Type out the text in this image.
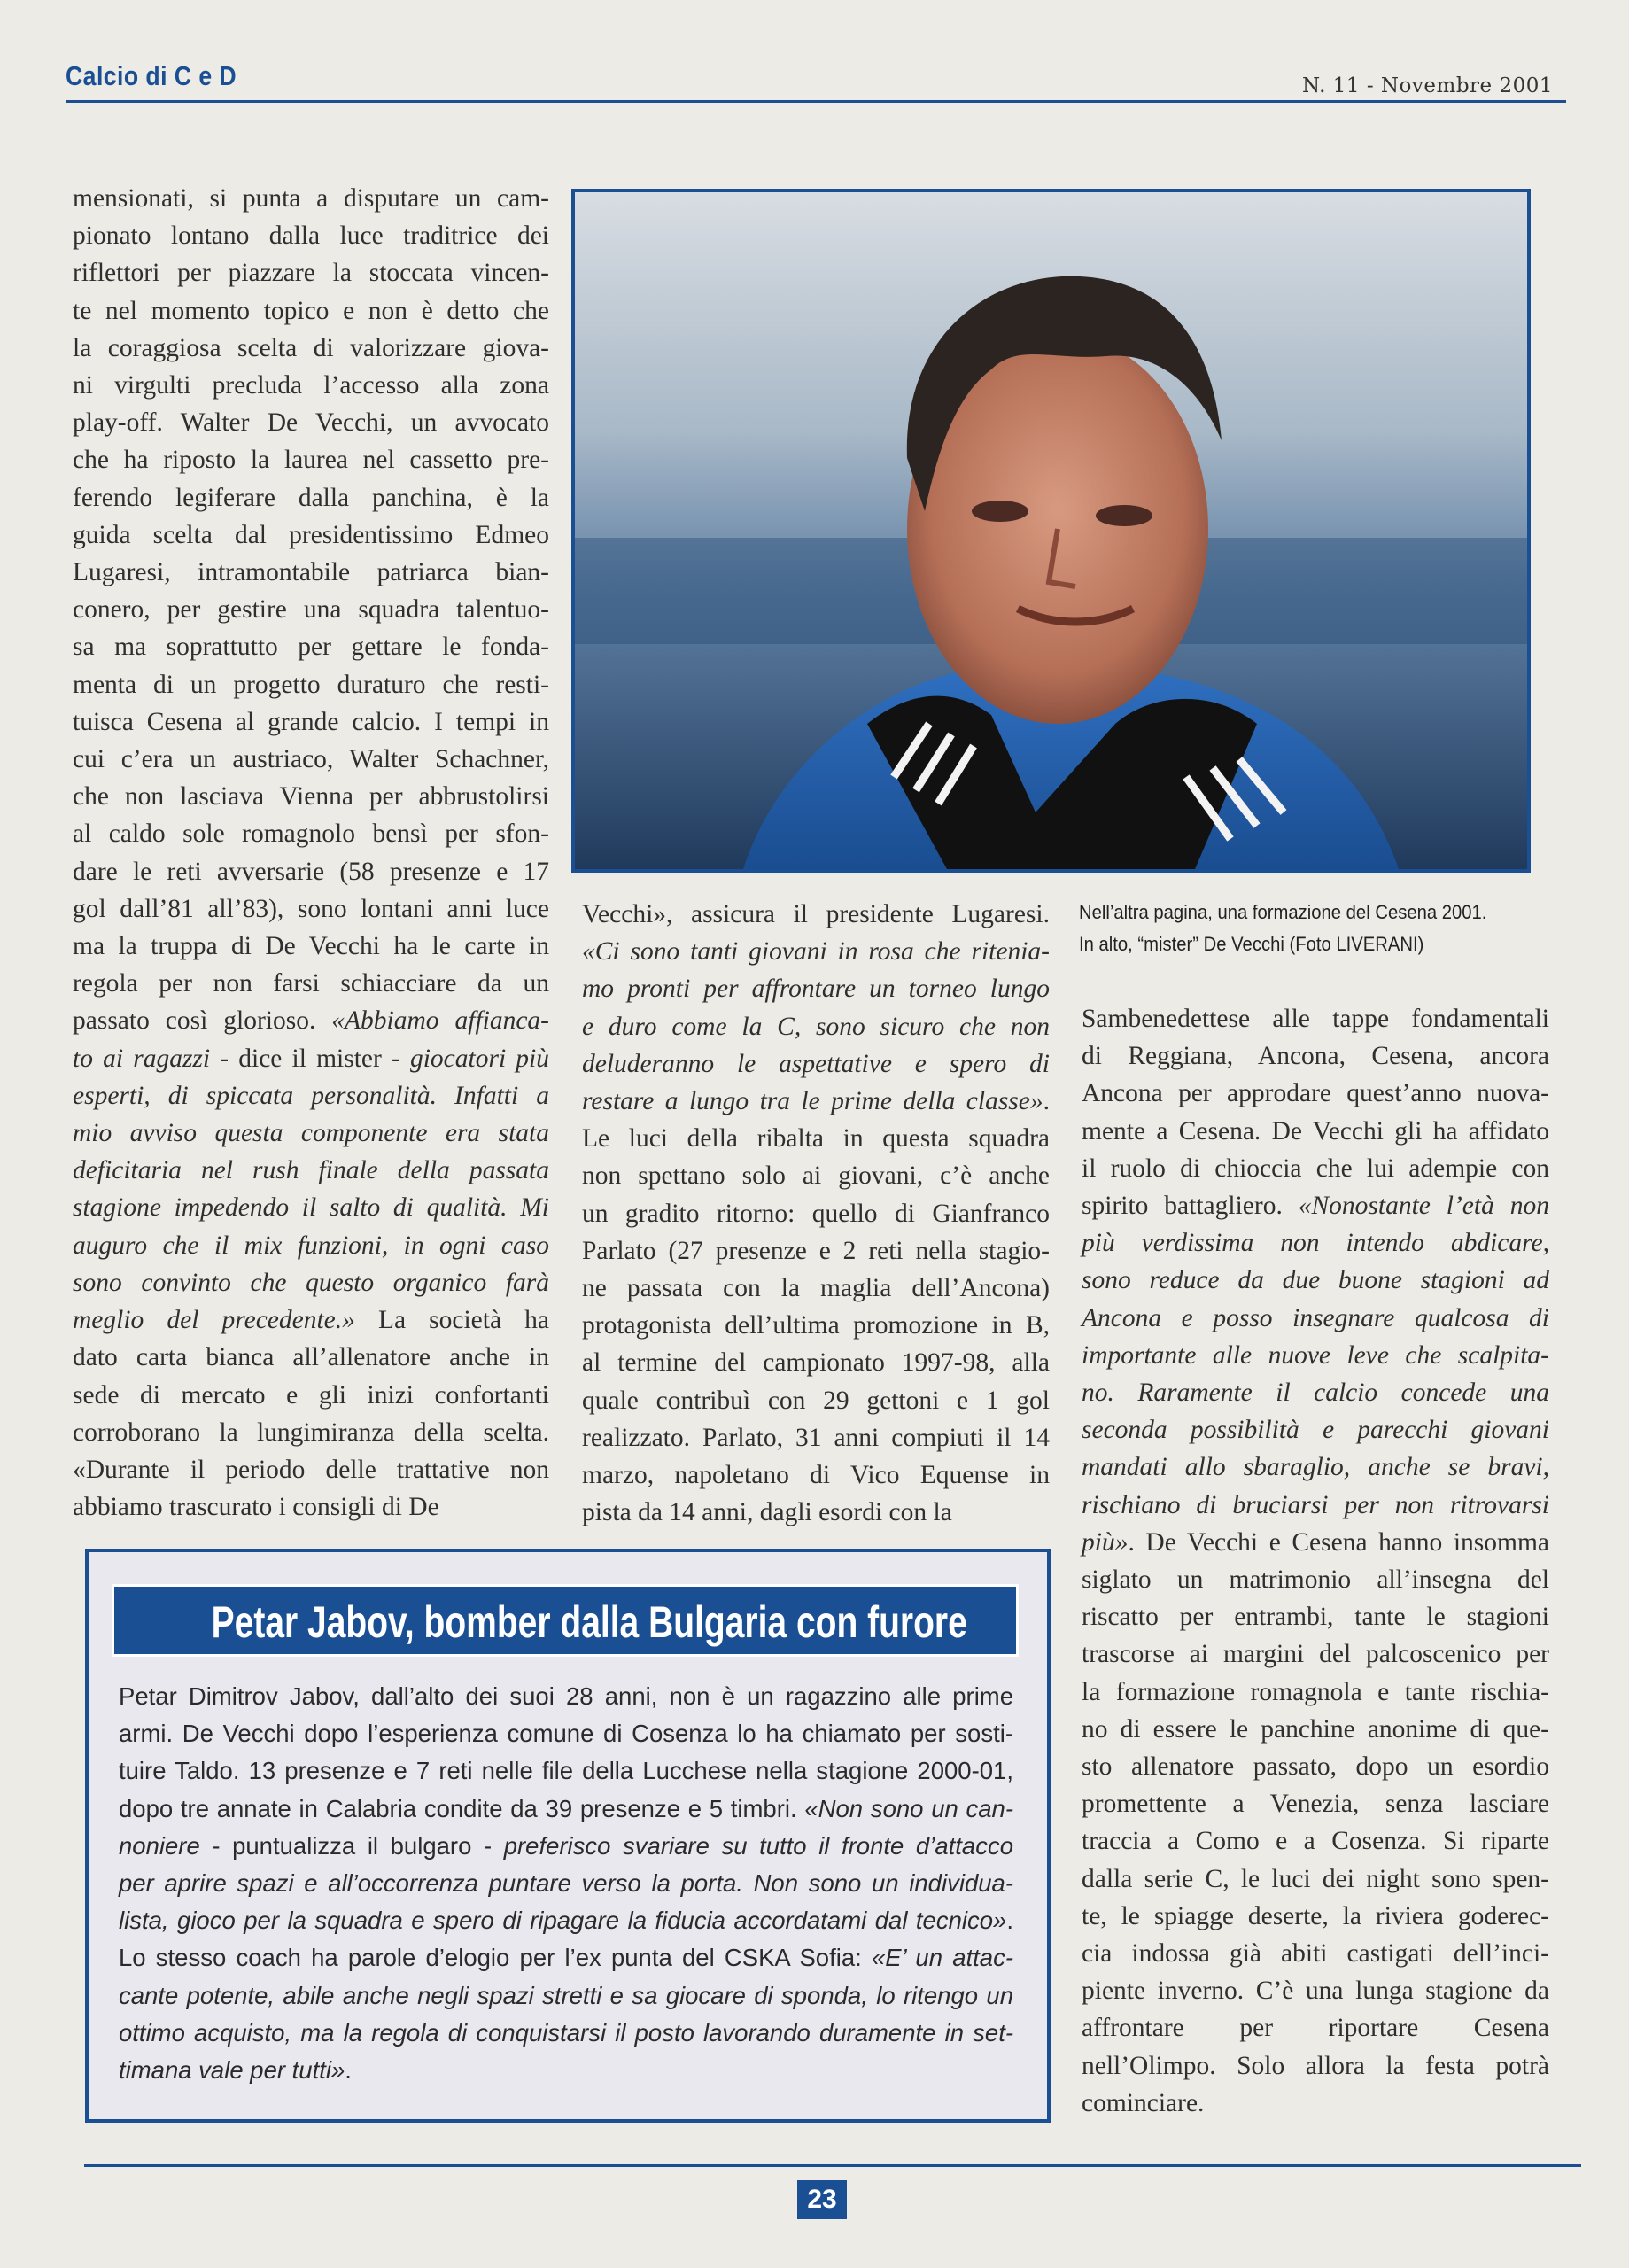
Calcio di C e D	N. 11 - Novembre 2001
mensionati, si punta a disputare un cam-
pionato lontano dalla luce traditrice dei
riflettori per piazzare la stoccata vincen-
te nel momento topico e non è detto che
la coraggiosa scelta di valorizzare giova-
ni virgulti precluda l’accesso alla zona
play-off. Walter De Vecchi, un avvocato
che ha riposto la laurea nel cassetto pre-
ferendo legiferare dalla panchina, è la
guida scelta dal presidentissimo Edmeo
Lugaresi, intramontabile patriarca bian-
conero, per gestire una squadra talentuo-
sa ma soprattutto per gettare le fonda-
menta di un progetto duraturo che resti-
tuisca Cesena al grande calcio. I tempi in
cui c’era un austriaco, Walter Schachner,
che non lasciava Vienna per abbrustolirsi
al caldo sole romagnolo bensì per sfon-
dare le reti avversarie (58 presenze e 17
gol dall’81 all’83), sono lontani anni luce
ma la truppa di De Vecchi ha le carte in
regola per non farsi schiacciare da un
passato così glorioso. «Abbiamo affianca-
to ai ragazzi - dice il mister - giocatori più
esperti, di spiccata personalità. Infatti a
mio avviso questa componente era stata
deficitaria nel rush finale della passata
stagione impedendo il salto di qualità. Mi
auguro che il mix funzioni, in ogni caso
sono convinto che questo organico farà
meglio del precedente.» La società ha
dato carta bianca all’allenatore anche in
sede di mercato e gli inizi confortanti
corroborano la lungimiranza della scelta.
«Durante il periodo delle trattative non
abbiamo trascurato i consigli di De
Nell’altra pagina, una formazione del Cesena 2001.
In alto, “mister” De Vecchi (Foto LIVERANI)
Vecchi», assicura il presidente Lugaresi.
«Ci sono tanti giovani in rosa che ritenia-
mo pronti per affrontare un torneo lungo
e duro come la C, sono sicuro che non
deluderanno le aspettative e spero di
restare a lungo tra le prime della classe».
Le luci della ribalta in questa squadra
non spettano solo ai giovani, c’è anche
un gradito ritorno: quello di Gianfranco
Parlato (27 presenze e 2 reti nella stagio-
ne passata con la maglia dell’Ancona)
protagonista dell’ultima promozione in B,
al termine del campionato 1997-98, alla
quale contribuì con 29 gettoni e 1 gol
realizzato. Parlato, 31 anni compiuti il 14
marzo, napoletano di Vico Equense in
pista da 14 anni, dagli esordi con la
Sambenedettese alle tappe fondamentali
di Reggiana, Ancona, Cesena, ancora
Ancona per approdare quest’anno nuova-
mente a Cesena. De Vecchi gli ha affidato
il ruolo di chioccia che lui adempie con
spirito battagliero. «Nonostante l’età non
più verdissima non intendo abdicare,
sono reduce da due buone stagioni ad
Ancona e posso insegnare qualcosa di
importante alle nuove leve che scalpita-
no. Raramente il calcio concede una
seconda possibilità e parecchi giovani
mandati allo sbaraglio, anche se bravi,
rischiano di bruciarsi per non ritrovarsi
più». De Vecchi e Cesena hanno insomma
siglato un matrimonio all’insegna del
riscatto per entrambi, tante le stagioni
trascorse ai margini del palcoscenico per
la formazione romagnola e tante rischia-
no di essere le panchine anonime di que-
sto allenatore passato, dopo un esordio
promettente a Venezia, senza lasciare
traccia a Como e a Cosenza. Si riparte
dalla serie C, le luci dei night sono spen-
te, le spiagge deserte, la riviera goderec-
cia indossa già abiti castigati dell’inci-
piente inverno. C’è una lunga stagione da
affrontare per riportare Cesena
nell’Olimpo. Solo allora la festa potrà
cominciare.
Petar Jabov, bomber dalla Bulgaria con furore
Petar Dimitrov Jabov, dall’alto dei suoi 28 anni, non è un ragazzino alle prime
armi. De Vecchi dopo l’esperienza comune di Cosenza lo ha chiamato per sosti-
tuire Taldo. 13 presenze e 7 reti nelle file della Lucchese nella stagione 2000-01,
dopo tre annate in Calabria condite da 39 presenze e 5 timbri. «Non sono un can-
noniere - puntualizza il bulgaro - preferisco svariare su tutto il fronte d’attacco
per aprire spazi e all’occorrenza puntare verso la porta. Non sono un individua-
lista, gioco per la squadra e spero di ripagare la fiducia accordatami dal tecnico».
Lo stesso coach ha parole d’elogio per l’ex punta del CSKA Sofia: «E’ un attac-
cante potente, abile anche negli spazi stretti e sa giocare di sponda, lo ritengo un
ottimo acquisto, ma la regola di conquistarsi il posto lavorando duramente in set-
timana vale per tutti».
23
